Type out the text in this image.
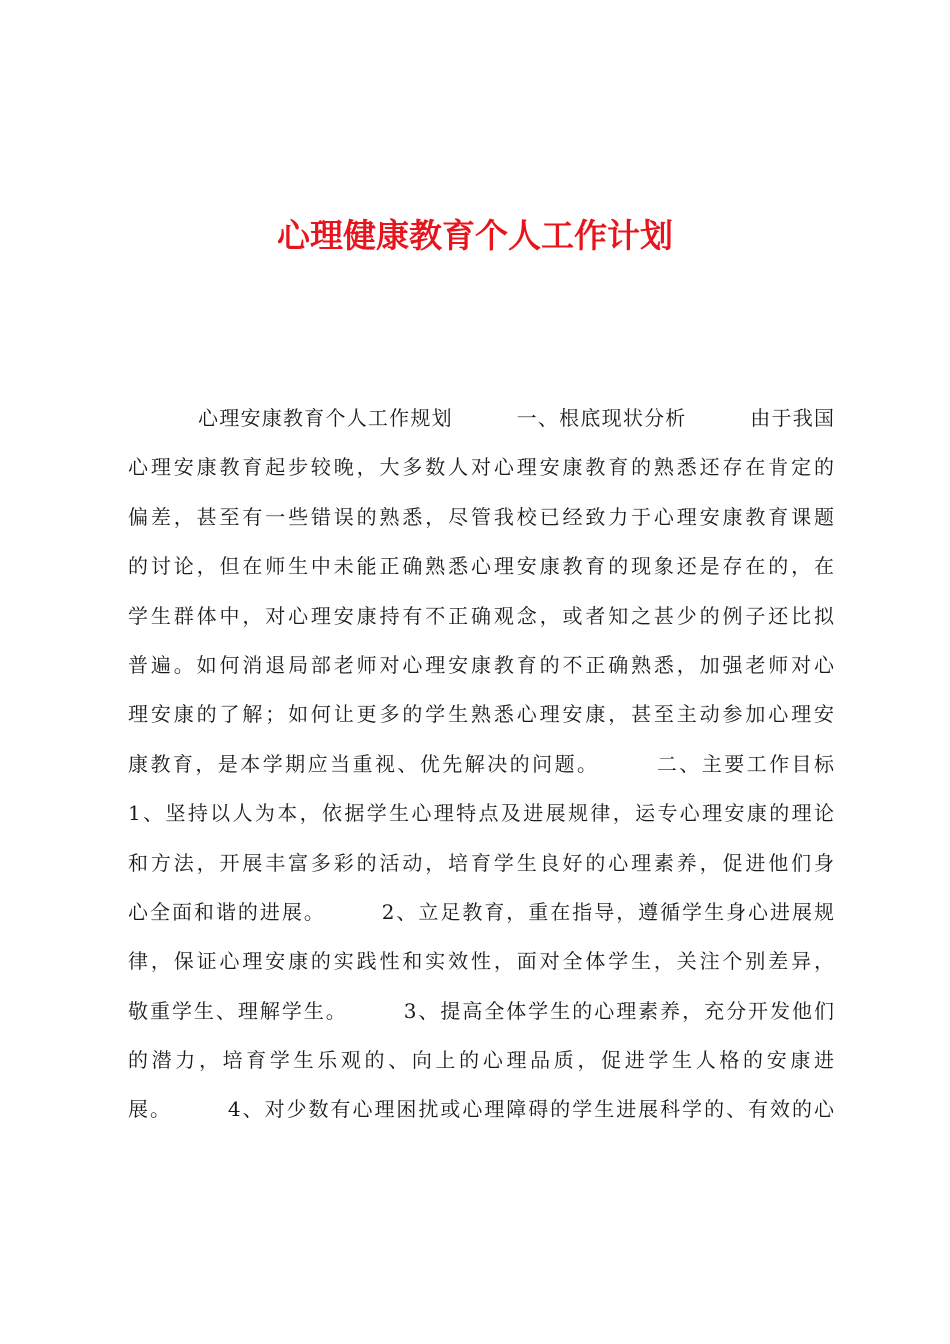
心理健康教育个人工作计划
心理安康教育个人工作规划　　　一、根底现状分析　　　由于我国
心理安康教育起步较晚，大多数人对心理安康教育的熟悉还存在肯定的
偏差，甚至有一些错误的熟悉，尽管我校已经致力于心理安康教育课题
的讨论，但在师生中未能正确熟悉心理安康教育的现象还是存在的，在
学生群体中，对心理安康持有不正确观念，或者知之甚少的例子还比拟
普遍。如何消退局部老师对心理安康教育的不正确熟悉，加强老师对心
理安康的了解；如何让更多的学生熟悉心理安康，甚至主动参加心理安
康教育，是本学期应当重视、优先解决的问题。　　　二、主要工作目标
1、坚持以人为本，依据学生心理特点及进展规律，运专心理安康的理论
和方法，开展丰富多彩的活动，培育学生良好的心理素养，促进他们身
心全面和谐的进展。　　　2、立足教育，重在指导，遵循学生身心进展规
律，保证心理安康的实践性和实效性，面对全体学生，关注个别差异，
敬重学生、理解学生。　　　3、提高全体学生的心理素养，充分开发他们
的潜力，培育学生乐观的、向上的心理品质，促进学生人格的安康进
展。　　　4、对少数有心理困扰或心理障碍的学生进展科学的、有效的心
